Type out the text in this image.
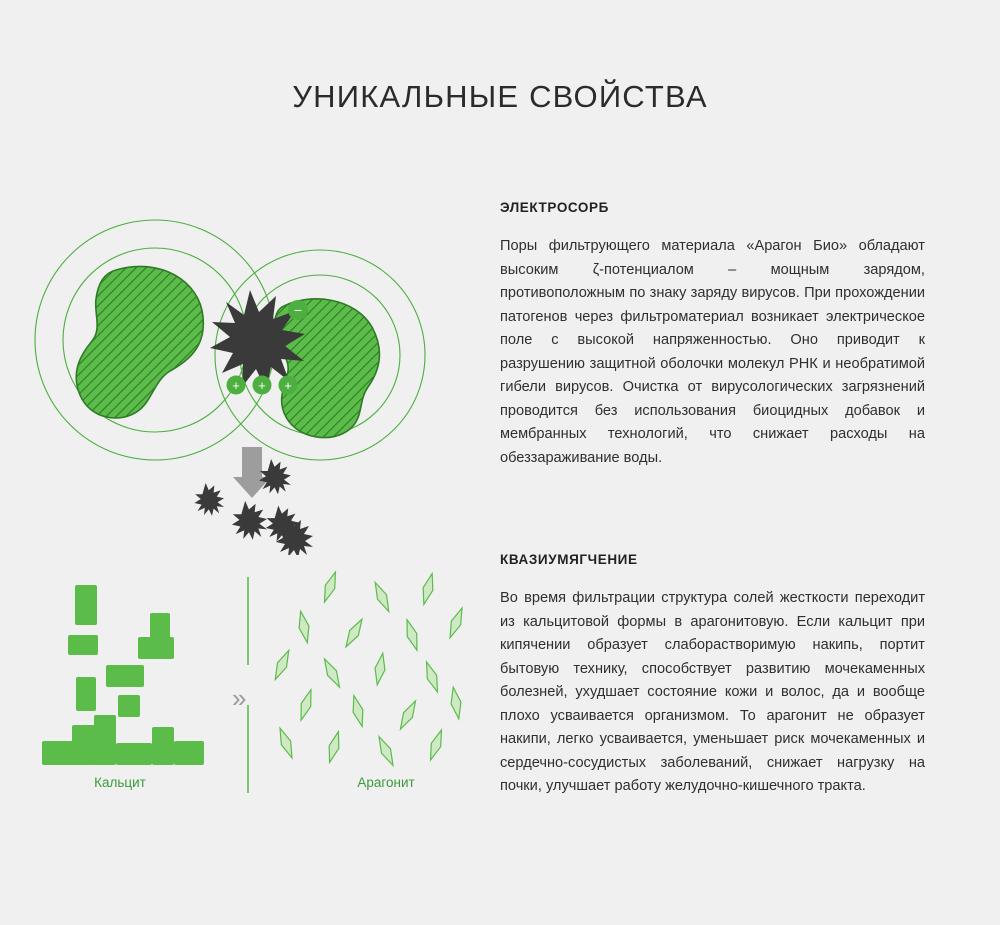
УНИКАЛЬНЫЕ СВОЙСТВА
+ + +
−
Кальцит	Арагонит
»
ЭЛЕКТРОСОРБ

Поры фильтрующего материала «Арагон Био» обладают высоким ζ-потенциалом – мощным зарядом, противоположным по знаку заряду вирусов. При прохождении патогенов через фильтроматериал возникает электрическое поле с высокой напряженностью. Оно приводит к разрушению защитной оболочки молекул РНК и необратимой гибели вирусов. Очистка от вирусологических загрязнений проводится без использования биоцидных добавок и мембранных технологий, что снижает расходы на обеззараживание воды.

КВАЗИУМЯГЧЕНИЕ

Во время фильтрации структура солей жесткости переходит из кальцитовой формы в арагонитовую. Если кальцит при кипячении образует слаборастворимую накипь, портит бытовую технику, способствует развитию мочекаменных болезней, ухудшает состояние кожи и волос, да и вообще плохо усваивается организмом. То арагонит не образует накипи, легко усваивается, уменьшает риск мочекаменных и сердечно-сосудистых заболеваний, снижает нагрузку на почки, улучшает работу желудочно-кишечного тракта.
